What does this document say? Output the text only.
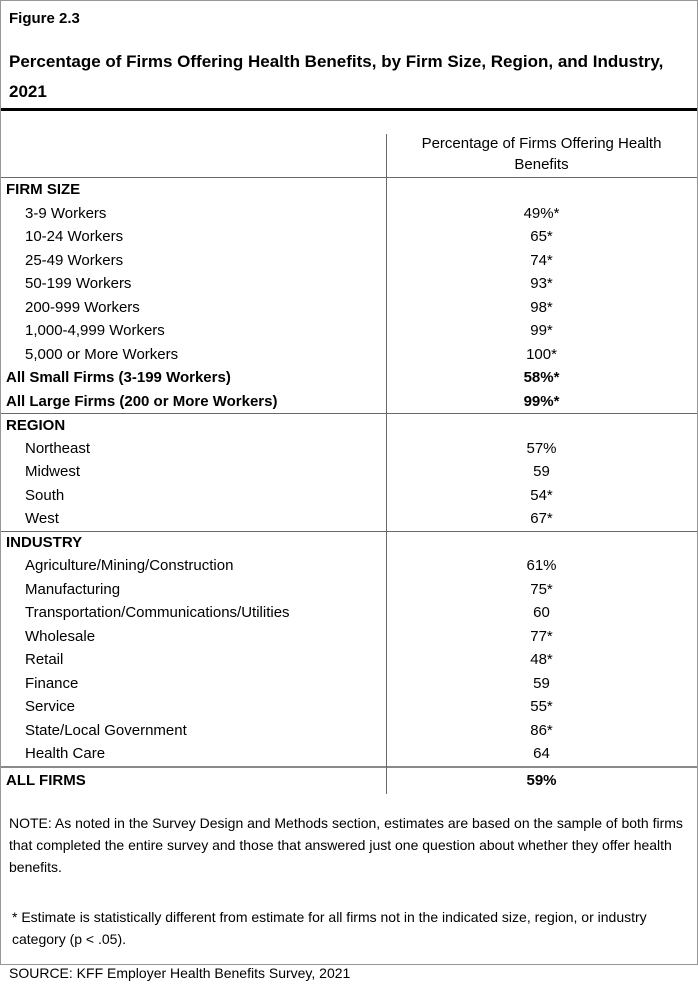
Figure 2.3
Percentage of Firms Offering Health Benefits, by Firm Size, Region, and Industry, 2021
Percentage of Firms Offering Health Benefits
FIRM SIZE
3-9 Workers	49%*
10-24 Workers	65*
25-49 Workers	74*
50-199 Workers	93*
200-999 Workers	98*
1,000-4,999 Workers	99*
5,000 or More Workers	100*
All Small Firms (3-199 Workers)	58%*
All Large Firms (200 or More Workers)	99%*
REGION
Northeast	57%
Midwest	59
South	54*
West	67*
INDUSTRY
Agriculture/Mining/Construction	61%
Manufacturing	75*
Transportation/Communications/Utilities	60
Wholesale	77*
Retail	48*
Finance	59
Service	55*
State/Local Government	86*
Health Care	64
ALL FIRMS	59%

NOTE: As noted in the Survey Design and Methods section, estimates are based on the sample of both firms that completed the entire survey and those that answered just one question about whether they offer health benefits.

* Estimate is statistically different from estimate for all firms not in the indicated size, region, or industry category (p < .05).

SOURCE: KFF Employer Health Benefits Survey, 2021
